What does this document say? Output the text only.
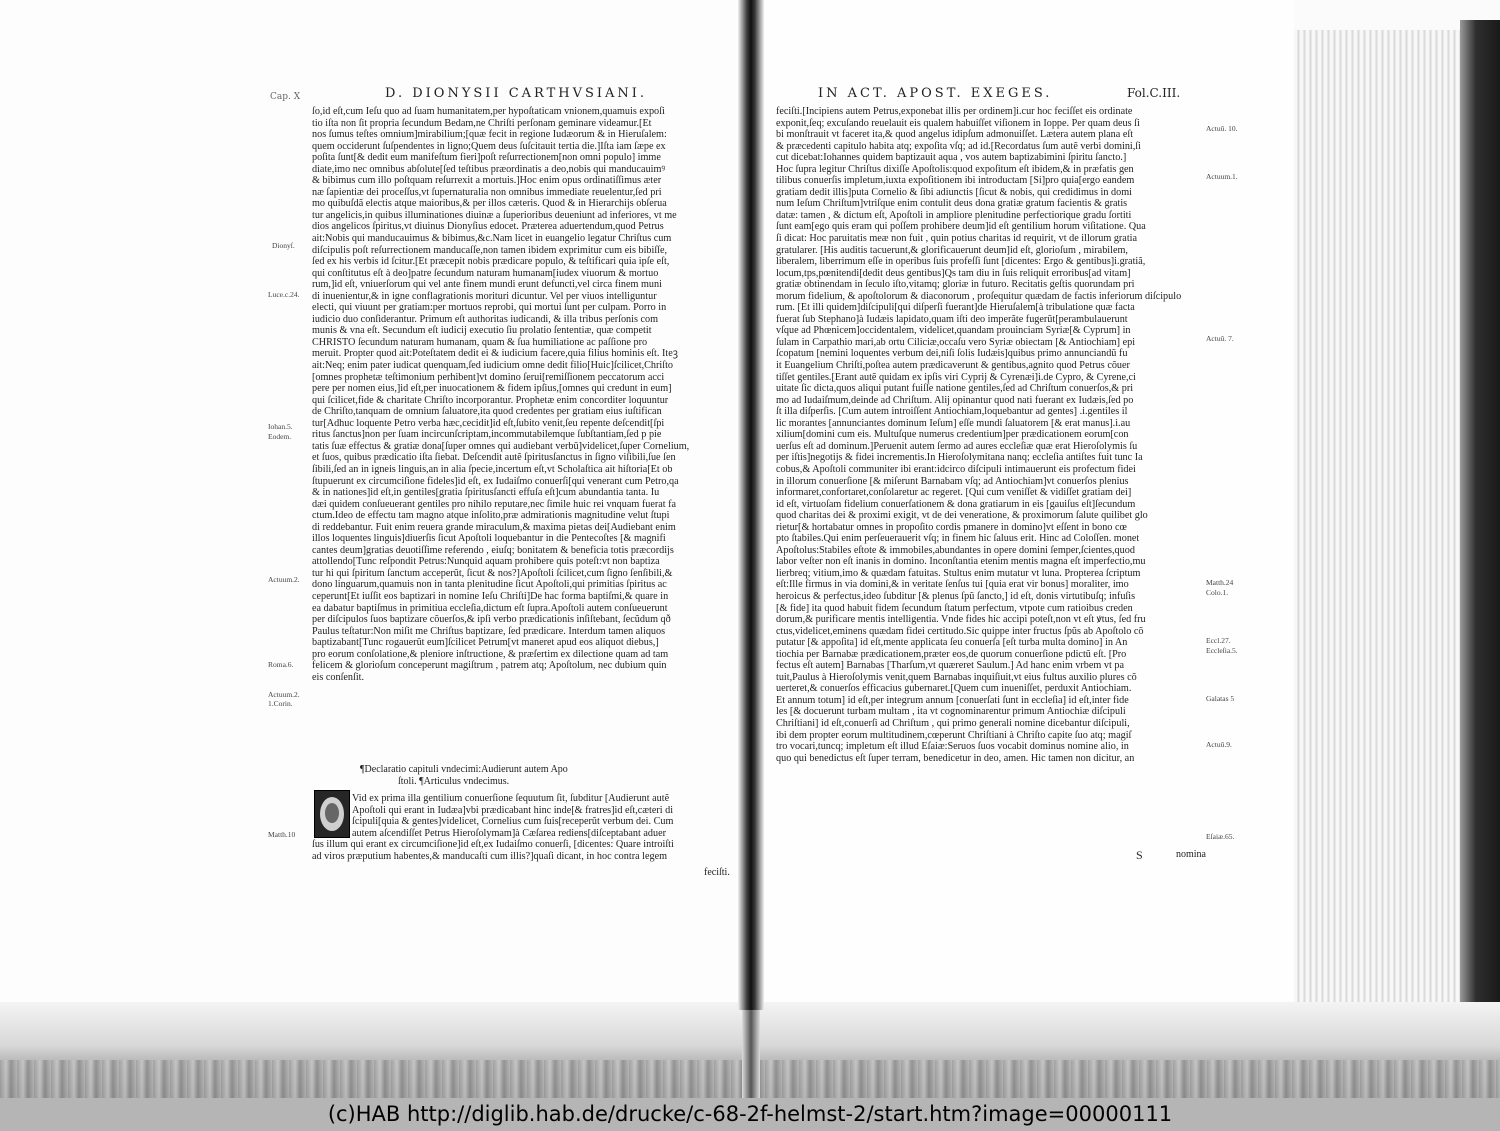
Cap. X	D. DIONYSII CARTHVSIANI.	IN ACT. APOST. EXEGES.	Fol.C.III.
ſo,id eſt,cum Ieſu quo ad ſuam humanitatem,per hypoſtaticam vnionem,quamuis expoſi
tio iſta non ſit propria ſecundum Bedam,ne Chriſti perſonam geminare videamur.[Et
nos ſumus teſtes omnium]mirabilium;[quæ fecit in regione Iudæorum & in Hieruſalem:
quem occiderunt ſuſpendentes in ligno;Quem deus ſuſcitauit tertia die.]Iſta iam ſæpe ex
poſita ſunt[& dedit eum manifeſtum fieri]poſt reſurrectionem[non omni populo] imme
diate,imo nec omnibus abſolute[ſed teſtibus præordinatis a deo,nobis qui manducauimꝰ
& bibimus cum illo poſtquam reſurrexit a mortuis.]Hoc enim opus ordinatiſſimus æter
næ ſapientiæ dei proceſſus,vt ſupernaturalia non omnibus immediate reuelentur,ſed pri
mo quibuſdã electis atque maioribus,& per illos cæteris. Quod & in Hierarchijs obſerua
tur angelicis,in quibus illuminationes diuinæ a ſuperioribus deueniunt ad inferiores, vt me
dios angelicos ſpiritus,vt diuinus Dionyſius edocet. Præterea aduertendum,quod Petrus
ait:Nobis qui manducauimus & bibimus,&c.Nam licet in euangelio legatur Chriſtus cum
diſcipulis poſt reſurrectionem manducaſſe,non tamen ibidem exprimitur cum eis bibiſſe,
ſed ex his verbis id ſcitur.[Et præcepit nobis prædicare populo, & teſtificari quia ipſe eſt,
qui conſtitutus eſt à deo]patre ſecundum naturam humanam[iudex viuorum & mortuo
rum,]id eſt, vniuerſorum qui vel ante finem mundi erunt defuncti,vel circa finem muni
di inuenientur,& in igne conflagrationis morituri dicuntur. Vel per viuos intelliguntur
electi, qui viuunt per gratiam:per mortuos reprobi, qui mortui ſunt per culpam. Porro in
iudicio duo conſiderantur. Primum eſt authoritas iudicandi, & illa tribus perſonis com
munis & vna eſt. Secundum eſt iudicij executio ſiu prolatio ſententiæ, quæ competit
CHRISTO ſecundum naturam humanam, quam & ſua humiliatione ac paſſione pro
meruit. Propter quod ait:Poteſtatem dedit ei & iudicium facere,quia filius hominis eſt. Iteꝫ
ait:Neq; enim pater iudicat quenquam,ſed iudicium omne dedit filio[Huic]ſcilicet,Chriſto
[omnes prophetæ teſtimonium perhibent]vt domino ſerui[remiſſionem peccatorum acci
pere per nomen eius,]id eſt,per inuocationem & fidem ipſius,[omnes qui credunt in eum]
qui ſcilicet,fide & charitate Chriſto incorporantur. Prophetæ enim concorditer loquuntur
de Chriſto,tanquam de omnium ſaluatore,ita quod credentes per gratiam eius iuſtifican
tur[Adhuc loquente Petro verba hæc,cecidit]id eſt,ſubito venit,ſeu repente deſcendit[ſpi
ritus ſanctus]non per ſuam incircunſcriptam,incommutabilemque ſubſtantiam,ſed p pie
tatis ſuæ effectus & gratiæ dona[ſuper omnes qui audiebant verbũ]videlicet,ſuper Cornelium,
et ſuos, quibus prædicatio iſta ſiebat. Deſcendit autẽ ſpiritusſanctus in ſigno viſibili,ſue ſen
ſibili,ſed an in igneis linguis,an in alia ſpecie,incertum eſt,vt Scholaſtica ait hiſtoria[Et ob
ſtupuerunt ex circumciſione fideles]id eſt, ex Iudaiſmo conuerſi[qui venerant cum Petro,qa
& in nationes]id eſt,in gentiles[gratia ſpiritusſancti effuſa eſt]cum abundantia tanta. Iu
dæi quidem conſueuerant gentiles pro nihilo reputare,nec ſimile huic rei vnquam fuerat fa
ctum.Ideo de effectu tam magno atque inſolito,præ admirationis magnitudine velut ſtupi
di reddebantur. Fuit enim reuera grande miraculum,& maxima pietas dei[Audiebant enim
illos loquentes linguis]diuerſis ſicut Apoſtoli loquebantur in die Pentecoſtes [& magnifi
cantes deum]gratias deuotiſſime referendo , eiuſq; bonitatem & beneficia totis præcordijs
attollendo[Tunc reſpondit Petrus:Nunquid aquam prohibere quis poteſt:vt non baptiza
tur hi qui ſpiritum ſanctum acceperũt, ſicut & nos?]Apoſtoli ſcilicet,cum ſigno ſenſibili,&
dono linguarum,quamuis non in tanta plenitudine ſicut Apoſtoli,qui primitias ſpiritus ac
ceperunt[Et iuſſit eos baptizari in nomine Ieſu Chriſti]De hac forma baptiſmi,& quare in
ea dabatur baptiſmus in primitiua eccleſia,dictum eſt ſupra.Apoſtoli autem conſueuerunt
per diſcipulos ſuos baptizare cõuerſos,& ipſi verbo prædicationis inſiſtebant, ſecũdum qð
Paulus teſtatur:Non miſit me Chriſtus baptizare, ſed prædicare. Interdum tamen aliquos
baptizabant[Tunc rogauerũt eum]ſcilicet Petrum[vt maneret apud eos aliquot diebus,]
pro eorum conſolatione,& pleniore inſtructione, & præſertim ex dilectione quam ad tam
felicem & glorioſum conceperunt magiſtrum , patrem atq; Apoſtolum, nec dubium quin
eis conſenſit.
¶Declaratio capituli vndecimi:Audierunt autem Apo
ſtoli. ¶Articulus vndecimus.
Vid ex prima illa gentilium conuerſione ſequutum ſit, ſubditur [Audierunt autẽ
Apoſtoli qui erant in Iudæa]vbi prædicabant hinc inde[& fratres]id eſt,cæteri di
ſcipuli[quia & gentes]videlicet, Cornelius cum ſuis[receperũt verbum dei. Cum
autem aſcendiſſet Petrus Hieroſolymam]à Cæſarea rediens[diſceptabant aduer
ſus illum qui erant ex circumciſione]id eſt,ex Iudaiſmo conuerſi, [dicentes: Quare introiſti
ad viros præputium habentes,& manducaſti cum illis?]quaſi dicant, in hoc contra legem
feciſti.
Dionyſ.
Luce.c.24.
Iohan.5.
Eodem.
Actuum.2.
Roma.6.
Actuum.2.
1.Corin.
Matth.10
feciſti.[Incipiens autem Petrus,exponebat illis per ordinem]i.cur hoc feciſſet eis ordinate
exponit,ſeq; excuſando reuelauit eis qualem habuiſſet viſionem in Ioppe. Per quam deus ſi
bi monſtrauit vt faceret ita,& quod angelus idipſum admonuiſſet. Lætera autem plana eſt
& præcedenti capitulo habita atq; expoſita vſq; ad id.[Recordatus ſum autẽ verbi domini,ſi
cut dicebat:Iohannes quidem baptizauit aqua , vos autem baptizabimini ſpiritu ſancto.]
Hoc ſupra legitur Chriſtus dixiſſe Apoſtolis:quod expoſitum eſt ibidem,& in præfatis gen
tilibus conuerſis impletum,iuxta expoſitionem ibi introductam [Si]pro quia[ergo eandem
gratiam dedit illis]puta Cornelio & ſibi adiunctis [ſicut & nobis, qui credidimus in domi
num Ieſum Chriſtum]vtriſque enim contulit deus dona gratiæ gratum facientis & gratis
datæ: tamen , & dictum eſt, Apoſtoli in ampliore plenitudine perfectiorique gradu ſortiti
ſunt eam[ego quis eram qui poſſem prohibere deum]id eſt gentilium horum viſitatione. Qua
ſi dicat: Hoc paruitatis meæ non fuit , quin potius charitas id requirit, vt de illorum gratia
gratularer. [His auditis tacuerunt,& glorificauerunt deum]id eſt, glorioſum , mirabilem,
liberalem, liberrimum eſſe in operibus ſuis profeſſi ſunt [dicentes: Ergo & gentibus]i.gratiã,
locum,tps,pœnitendi[dedit deus gentibus]Qs tam diu in ſuis reliquit erroribus[ad vitam]
gratiæ obtinendam in ſeculo iſto,vitamq; gloriæ in futuro. Recitatis geſtis quorundam pri
morum fidelium, & apoſtolorum & diaconorum , proſequitur quædam de factis inferiorum diſcipulo
rum. [Et illi quidem]diſcipuli[qui diſperſi fuerant]de Hieruſalem[à tribulatione quæ facta
fuerat ſub Stephano]à Iudæis lapidato,quam iſti deo imperãte fugerũt[perambulauerunt
vſque ad Phœnicem]occidentalem, videlicet,quandam prouinciam Syriæ[& Cyprum] in
ſulam in Carpathio mari,ab ortu Ciliciæ,occaſu vero Syriæ obiectam [& Antiochiam] epi
ſcopatum [nemini loquentes verbum dei,niſi ſolis Iudæis]quibus primo annunciandũ fu
it Euangelium Chriſti,poſtea autem prædicaverunt & gentibus,agnito quod Petrus cõuer
tiſſet gentiles.[Erant autẽ quidam ex ipſis viri Cyprij & Cyrenæi]i.de Cypro, & Cyrene,ci
uitate ſic dicta,quos aliqui putant fuiſſe natione gentiles,ſed ad Chriſtum conuerſos,& pri
mo ad Iudaiſmum,deinde ad Chriſtum. Alij opinantur quod nati fuerant ex Iudæis,ſed po
ſt illa diſperſis. [Cum autem introiſſent Antiochiam,loquebantur ad gentes] .i.gentiles il
lic morantes [annunciantes dominum Ieſum] eſſe mundi ſaluatorem [& erat manus].i.au
xilium[domini cum eis. Multuſque numerus credentium]per prædicationem eorum[con
uerſus eſt ad dominum.]Peruenit autem ſermo ad aures eccleſiæ quæ erat Hieroſolymis ſu
per iſtis]negotijs & fidei incrementis.In Hieroſolymitana nanq; eccleſia antiſtes fuit tunc Ia
cobus,& Apoſtoli communiter ibi erant:idcirco diſcipuli intimauerunt eis profectum fidei
in illorum conuerſione [& miſerunt Barnabam vſq; ad Antiochiam]vt conuerſos plenius
informaret,confortaret,conſolaretur ac regeret. [Qui cum veniſſet & vidiſſet gratiam dei]
id eſt, virtuoſam fidelium conuerſationem & dona gratiarum in eis [gauiſus eſt]ſecundum
quod charitas dei & proximi exigit, vt de dei veneratione, & proximorum ſalute quilibet glo
rietur[& hortabatur omnes in propoſito cordis pmanere in domino]vt eſſent in bono cœ
pto ſtabiles.Qui enim perſeuerauerit vſq; in finem hic ſaluus erit. Hinc ad Coloſſen. monet
Apoſtolus:Stabiles eſtote & immobiles,abundantes in opere domini ſemper,ſcientes,quod
labor veſter non eſt inanis in domino. Inconſtantia etenim mentis magna eſt imperfectio,mu
lierbreq; vitium,imo & quædam fatuitas. Stultus enim mutatur vt luna. Propterea ſcriptum
eſt:Ille firmus in via domini,& in veritate ſenſus tui [quia erat vir bonus] moraliter, imo
heroicus & perfectus,ideo ſubditur [& plenus ſpũ ſancto,] id eſt, donis virtutibuſq; infuſis
[& fide] ita quod habuit fidem ſecundum ſtatum perfectum, vtpote cum ratioibus creden
dorum,& purificare mentis intelligentia. Vnde fides hic accipi poteſt,non vt eſt ꝟtus, ſed fru
ctus,videlicet,eminens quædam fidei certitudo.Sic quippe inter fructus ſpũs ab Apoſtolo cõ
putatur [& appoſita] id eſt,mente applicata ſeu conuerſa [eſt turba multa domino] in An
tiochia per Barnabæ prædicationem,præter eos,de quorum conuerſione pdictũ eſt. [Pro
fectus eſt autem] Barnabas [Tharſum,vt quæreret Saulum.] Ad hanc enim vrbem vt pa
tuit,Paulus à Hieroſolymis venit,quem Barnabas inquiſiuit,vt eius fultus auxilio plures cõ
uerteret,& conuerſos efficacius gubernaret.[Quem cum inueniſſet, perduxit Antiochiam.
Et annum totum] id eſt,per integrum annum [conuerſati ſunt in eccleſia] id eſt,inter fide
les [& docuerunt turbam multam , ita vt cognominarentur primum Antiochiæ diſcipuli
Chriſtiani] id eſt,conuerſi ad Chriſtum , qui primo generali nomine dicebantur diſcipuli,
ibi dem propter eorum multitudinem,cœperunt Chriſtiani à Chriſto capite ſuo atq; magiſ
tro vocari,tuncq; impletum eſt illud Eſaiæ:Seruos ſuos vocabit dominus nomine alio, in
quo qui benedictus eſt ſuper terram, benedicetur in deo, amen. Hic tamen non dicitur, an
S	nomina
Actuũ. 10.
Actuum.1.
Actuũ. 7.
Matth.24
Colo.1.
Eccl.27.
Eccleſia.5.
Galatas 5
Actuũ.9.
Eſaiæ.65.
(c)HAB http://diglib.hab.de/drucke/c-68-2f-helmst-2/start.htm?image=00000111
